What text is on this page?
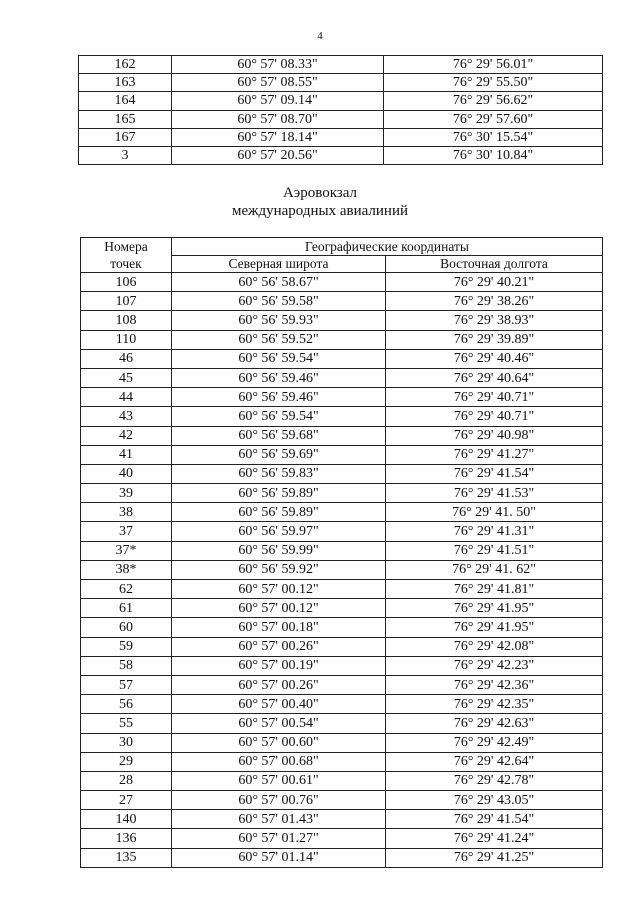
4
162	60° 57' 08.33"	76° 29' 56.01"
163	60° 57' 08.55"	76° 29' 55.50"
164	60° 57' 09.14"	76° 29' 56.62"
165	60° 57' 08.70"	76° 29' 57.60"
167	60° 57' 18.14"	76° 30' 15.54"
3	60° 57' 20.56"	76° 30' 10.84"
Аэровокзал
международных авиалиний
Номера
точек	Географические координаты	
	Северная широта	Восточная долгота
106	60° 56' 58.67"	76° 29' 40.21"
107	60° 56' 59.58"	76° 29' 38.26"
108	60° 56' 59.93"	76° 29' 38.93"
110	60° 56' 59.52"	76° 29' 39.89"
46	60° 56' 59.54"	76° 29' 40.46"
45	60° 56' 59.46"	76° 29' 40.64"
44	60° 56' 59.46"	76° 29' 40.71"
43	60° 56' 59.54"	76° 29' 40.71"
42	60° 56' 59.68"	76° 29' 40.98"
41	60° 56' 59.69"	76° 29' 41.27"
40	60° 56' 59.83"	76° 29' 41.54"
39	60° 56' 59.89"	76° 29' 41.53"
38	60° 56' 59.89"	76° 29' 41. 50"
37	60° 56' 59.97"	76° 29' 41.31"
37*	60° 56' 59.99"	76° 29' 41.51"
38*	60° 56' 59.92"	76° 29' 41. 62"
62	60° 57' 00.12"	76° 29' 41.81"
61	60° 57' 00.12"	76° 29' 41.95"
60	60° 57' 00.18"	76° 29' 41.95"
59	60° 57' 00.26"	76° 29' 42.08"
58	60° 57' 00.19"	76° 29' 42.23"
57	60° 57' 00.26"	76° 29' 42.36"
56	60° 57' 00.40"	76° 29' 42.35"
55	60° 57' 00.54"	76° 29' 42.63"
30	60° 57' 00.60"	76° 29' 42.49"
29	60° 57' 00.68"	76° 29' 42.64"
28	60° 57' 00.61"	76° 29' 42.78"
27	60° 57' 00.76"	76° 29' 43.05"
140	60° 57' 01.43"	76° 29' 41.54"
136	60° 57' 01.27"	76° 29' 41.24"
135	60° 57' 01.14"	76° 29' 41.25"
